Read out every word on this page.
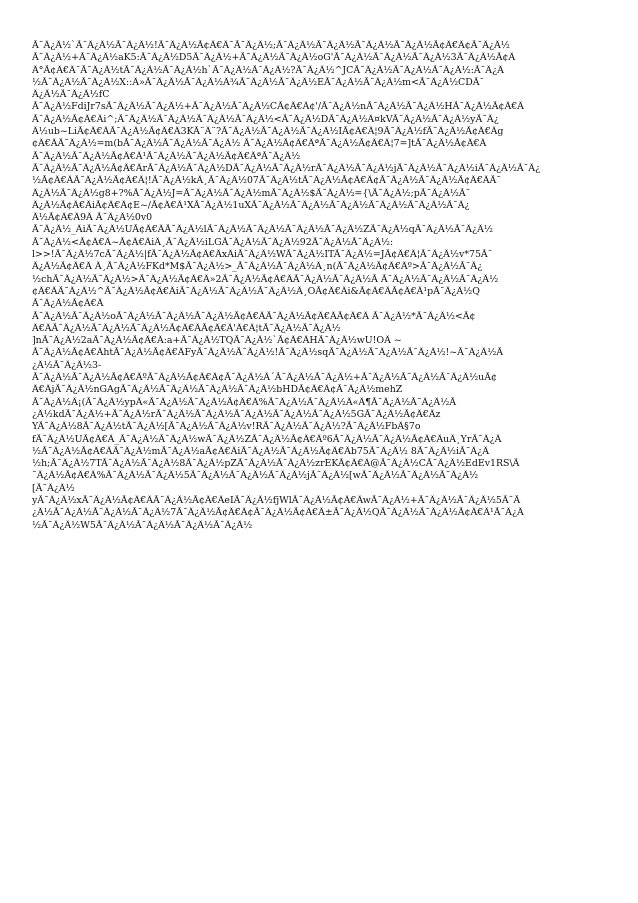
Ã¯Â¿Â½`Ã¯Â¿Â½Ã¯Â¿Â½!Ã¯Â¿Â½Ã¢Â€Â¯Ã¯Â¿Â½;Ã¯Â¿Â½Ã¯Â¿Â½Ã¯Â¿Â½Ã¯Â¿Â½Ã¢Â€Â¢Ã¯Â¿Â½
Ã¯Â¿Â½+Ã¯Â¿Â½aK5:Ã¯Â¿Â½D5Ã¯Â¿Â½+Ã¯Â¿Â½Ã¯Â¿Â½oG'Ã¯Â¿Â½Ã¯Â¿Â½Ã¯Â¿Â½3Ã¯Â¿Â½Ã¢Â
Â°Ã¢Â€Â¯Ã¯Â¿Â½tÃ¯Â¿Â½Ã¯Â¿Â½h`Ã¯Â¿Â½Ã¯Â¿Â½?Ã¯Â¿Â½^JCÃ¯Â¿Â½Ã¯Â¿Â½Ã¯Â¿Â½:Ã¯Â¿Â
½Ã¯Â¿Â½Ã¯Â¿Â½X::Â»Ã¯Â¿Â½Ã¯Â¿Â½Â¾Ã¯Â¿Â½Ã¯Â¿Â½EÃ¯Â¿Â½Ã¯Â¿Â½m<Ã¯Â¿Â½CDÃ¯
Â¿Â½Ã¯Â¿Â½fC
Ã¯Â¿Â½FdiJr7sÃ¯Â¿Â½Ã¯Â¿Â½+Ã¯Â¿Â½Ã¯Â¿Â½CÃ¢Â€Â¢'/Ã¯Â¿Â½nÃ¯Â¿Â½Ã¯Â¿Â½HÃ¯Â¿Â½Ã¢Â€Â
Ã¯Â¿Â½Ã¢Â€Âi^;Ã¯Â¿Â½Ã¯Â¿Â½Ã¯Â¿Â½Ã¯Â¿Â½<Ã¯Â¿Â½DÃ¯Â¿Â½Â¤kVÃ¯Â¿Â½Ã¯Â¿Â½yÃ¯Â¿
Â½ub~LiÃ¢Â€ÂÃ¯Â¿Â½Ã¢Â€Â3KÃ¨Â¨?Ã¯Â¿Â½Ã¯Â¿Â½Ã¯Â¿Â½IÃ¢Â€Â¦9Ã¯Â¿Â½fÃ¯Â¿Â½Ã¢Â€Âg
¢Â€ÂÃ¯Â¿Â½=m(bÃ¯Â¿Â½Ã¯Â¿Â½Ã¯Â¿Â½ Ã¯Â¿Â½Ã¢Â€ÂªÃ¯Â¿Â½Ã¢Â€Â¦7=]tÃ¯Â¿Â½Ã¢Â€Â
Ã¯Â¿Â½Ã¯Â¿Â½Ã¢Â€Â¹Ã¯Â¿Â½Ã¯Â¿Â½Ã¢Â€ÂªÃ¯Â¿Â½
Ã¯Â¿Â½Ã¯Â¿Â½Ã¢Â€ÂrÃ¯Â¿Â½Ã¯Â¿Â½DÃ¯Â¿Â½Ã¯Â¿Â½rÃ¯Â¿Â½Ã¯Â¿Â½jÃ¯Â¿Â½Ã¯Â¿Â½iÃ¯Â¿Â½Ã¯Â¿
½Ã¢Â€ÂÃ¯Â¿Â½Ã¢Â€Â¦!Ã¯Â¿Â½kÂ¸Ã¯Â¿Â½07Ã¯Â¿Â½tÃ¯Â¿Â½Ã¢Â€Â¢Ã¯Â¿Â½Ã¯Â¿Â½Ã¢Â€ÂÃ¯
Â¿Â½Ã¯Â¿Â½g8+?%Ã¯Â¿Â½J=Ã¯Â¿Â½Ã¯Â¿Â½mÃ¯Â¿Â½$Ã¯Â¿Â½={\Ã¯Â¿Â½;pÃ¯Â¿Â½Ã¯
Â¿Â½Ã¢Â€ÂiÃ¢Â€Â¢E~/Ã¢Â€Â¹XÃ¯Â¿Â½1uXÃ¯Â¿Â½Ã¯Â¿Â½Ã¯Â¿Â½Ã¯Â¿Â½Ã¯Â¿Â½Ã¯Â¿
Â½Ã¢Â€Â9Â Ã¯Â¿Â½0v0
Ã¯Â¿Â½_ÂiÃ¯Â¿Â½UÃ¢Â€ÂÃ¯Â¿Â½lÃ¯Â¿Â½Ã¯Â¿Â½Ã¯Â¿Â½Ã¯Â¿Â½ZÃ¯Â¿Â½qÃ¯Â¿Â½Ã¯Â¿Â½
Ã¯Â¿Â½<Ã¢Â€Â~Ã¢Â€ÂiÂ¸Ã¯Â¿Â½iLGÃ¯Â¿Â½Ã¯Â¿Â½92Ã¯Â¿Â½Ã¯Â¿Â½:
l>>!Ã¯Â¿Â½7cÃ¯Â¿Â½|fÃ¯Â¿Â½Ã¢Â€ÂxÂiÃ¯Â¿Â½WÃ¯Â¿Â½ITÃ¯Â¿Â½=JÃ¢Â€Â¦Ã¯Â¿Â½v*75Ã¯
Â¿Â½Ã¢Â€Â Â¸Ã¯Â¿Â½FKd*M$Ã¯Â¿Â½>_Ã¯Â¿Â½Ã¯Â¿Â½Â¸n(Ã¯Â¿Â½Ã¢Â€Âº>Ã¯Â¿Â½Ã¯Â¿
½chÃ¯Â¿Â½Ã¯Â¿Â½>Ã¯Â¿Â½Ã¢Â€Â»2Ã¯Â¿Â½Ã¢Â€ÂÃ¯Â¿Â½Ã¯Â¿Â½Ã Ã¯Â¿Â½Ã¯Â¿Â½Ã¯Â¿Â½
¢Â€ÂÃ¯Â¿Â½^Ã¯Â¿Â½Ã¢Â€ÂiÃ¯Â¿Â½Ã¯Â¿Â½Ã¯Â¿Â½Â¸OÃ¢Â€Âi&Ã¢Â€ÂÃ¢Â€Â¹pÃ¯Â¿Â½Q
Ã¯Â¿Â½Ã¢Â€Â
Ã¯Â¿Â½Ã¯Â¿Â½oÃ¯Â¿Â½Ã¯Â¿Â½Ã¯Â¿Â½Ã¢Â€ÂÃ¯Â¿Â½Ã¢Â€ÂÃ¢Â€Â Ã¯Â¿Â½*Ã¯Â¿Â½<Ã¢
Â€ÂÃ¯Â¿Â½Ã¯Â¿Â½Ã¯Â¿Â½Ã¢Â€ÂÃ¢Â€Â'Â€Â¦tÃ¯Â¿Â½Ã¯Â¿Â½
]nÃ¯Â¿Â½2aÃ¯Â¿Â½Ã¢Â€Â:a+Ã¯Â¿Â½TQÃ¯Â¿Â½`Ã¢Â€ÂHÃ¯Â¿Â½wU!OÂ ~
Ã¯Â¿Â½Ã¢Â€ÂhtÃ¯Â¿Â½Ã¢Â€ÂFyÃ¯Â¿Â½Ã¯Â¿Â½!Ã¯Â¿Â½sqÃ¯Â¿Â½Ã¯Â¿Â½Ã¯Â¿Â½!~Ã¯Â¿Â½Ã
¿Â½Ã¯Â¿Â½3-
Ã¯Â¿Â½Ã¯Â¿Â½Ã¢Â€ÂºÃ¯Â¿Â½Ã¢Â€Â¢Ã¯Â¿Â½Â´Ã¯Â¿Â½Ã¯Â¿Â½+Ã¯Â¿Â½Ã¯Â¿Â½Ã¯Â¿Â½uÃ¢
Â€ÂjÃ¯Â¿Â½nGAgÃ¯Â¿Â½Ã¯Â¿Â½Ã¯Â¿Â½Ã¯Â¿Â½bHDÃ¢Â€Â¢Ã¯Â¿Â½mehZ
Ã¯Â¿Â½Â¡(Ã¯Â¿Â½ypÂ«Ã¯Â¿Â½Ã¯Â¿Â½Ã¢Â€Â%Ã¯Â¿Â½Ã¯Â¿Â½Â«Â¶Ã¯Â¿Â½Ã¯Â¿Â½Ã
¿Â½kdÃ¯Â¿Â½+Ã¯Â¿Â½rÃ¯Â¿Â½Ã¯Â¿Â½Ã¯Â¿Â½Ã¯Â¿Â½Ã¯Â¿Â½5GÃ¯Â¿Â½Ã¢Â€Âz
YÃ¯Â¿Â½8Ã¯Â¿Â½tÃ¯Â¿Â½[Ã¯Â¿Â½Ã¯Â¿Â½v!RÃ¯Â¿Â½Ã¯Â¿Â½?Ã¯Â¿Â½FbÂ§7o
fÃ¯Â¿Â½UÃ¢Â€Â_Ã¯Â¿Â½Ã¯Â¿Â½wÃ¯Â¿Â½ZÃ¯Â¿Â½Ã¢Â€Âº6Ã¯Â¿Â½Ã¯Â¿Â½Ã¢Â€ÂuÂ¸YrÃ¯Â¿Â
½Ã¯Â¿Â½Ã¢Â€ÂÃ¯Â¿Â½mÃ¯Â¿Â½aÃ¢Â€ÂiÃ¯Â¿Â½Ã¯Â¿Â½Ã¢Â€Âb75Ã¯Â¿Â½ 8Ã¯Â¿Â½iÃ¯Â¿Â
½h;Ã¯Â¿Â½7TÃ¯Â¿Â½Ã¯Â¿Â½8Ã¯Â¿Â½pZÃ¯Â¿Â½Ã¯Â¿Â½zrEKÃ¢Â€Â@Ã¯Â¿Â½CÃ¯Â¿Â½EdEv1RS\Ã
¯Â¿Â½Ã¢Â€Â%Ã¯Â¿Â½Ã¯Â¿Â½5Ã¯Â¿Â½Ã¯Â¿Â½Ã¯Â¿Â½jÃ¯Â¿Â½[wÃ¯Â¿Â½Ã¯Â¿Â½Ã¯Â¿Â½
[Ã¯Â¿Â½
yÃ¯Â¿Â½xÃ¯Â¿Â½Ã¢Â€ÂÃ¯Â¿Â½Ã¢Â€ÂeIÃ¯Â¿Â½fjWlÃ¯Â¿Â½Ã¢Â€ÂwÃ¯Â¿Â½+Ã¯Â¿Â½Ã¯Â¿Â½5Ã¯Ã
¿Â½Ã¯Â¿Â½Ã¯Â¿Â½Ã¯Â¿Â½7Ã¯Â¿Â½Ã¢Â€Â¢Ã¯Â¿Â½Ã¢Â€Â±Ã¯Â¿Â½QÃ¯Â¿Â½Ã¯Â¿Â½Ã¢Â€Â¹Ã¯Â¿Â
½Ã¯Â¿Â½W5Ã¯Â¿Â½Ã¯Â¿Â½Ã¯Â¿Â½Ã¯Â¿Â½
